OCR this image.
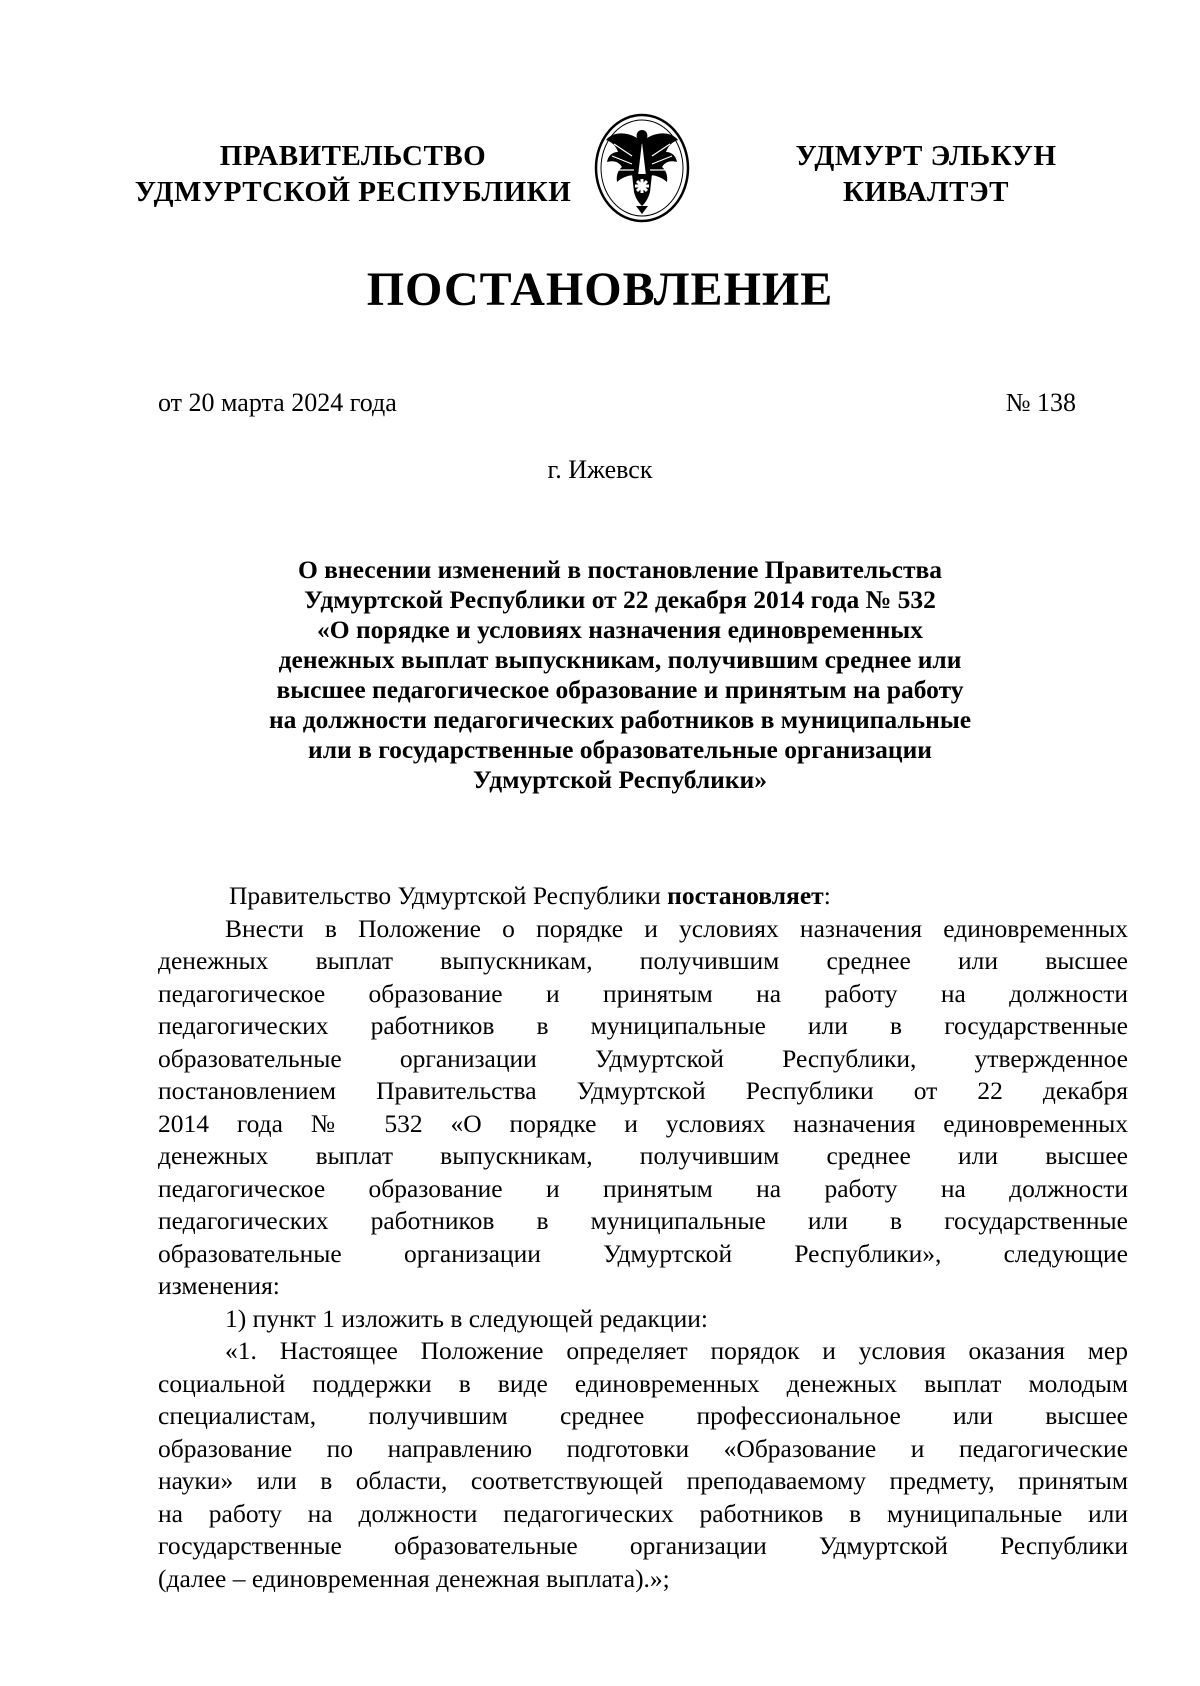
ПРАВИТЕЛЬСТВО
УДМУРТСКОЙ РЕСПУБЛИКИ
УДМУРТ ЭЛЬКУН
КИВАЛТЭТ
ПОСТАНОВЛЕНИЕ
от 20 марта 2024 года	№ 138
г. Ижевск
О внесении изменений в постановление Правительства
Удмуртской Республики от 22 декабря 2014 года № 532
«О порядке и условиях назначения единовременных
денежных выплат выпускникам, получившим среднее или
высшее педагогическое образование и принятым на работу
на должности педагогических работников в муниципальные
или в государственные образовательные организации
Удмуртской Республики»
Правительство Удмуртской Республики постановляет:
Внести в Положение о порядке и условиях назначения единовременных
денежных выплат выпускникам, получившим среднее или высшее
педагогическое образование и принятым на работу на должности
педагогических работников в муниципальные или в государственные
образовательные организации Удмуртской Республики, утвержденное
постановлением Правительства Удмуртской Республики от 22 декабря
2014 года № 532 «О порядке и условиях назначения единовременных
денежных выплат выпускникам, получившим среднее или высшее
педагогическое образование и принятым на работу на должности
педагогических работников в муниципальные или в государственные
образовательные организации Удмуртской Республики», следующие
изменения:
1) пункт 1 изложить в следующей редакции:
«1. Настоящее Положение определяет порядок и условия оказания мер
социальной поддержки в виде единовременных денежных выплат молодым
специалистам, получившим среднее профессиональное или высшее
образование по направлению подготовки «Образование и педагогические
науки» или в области, соответствующей преподаваемому предмету, принятым
на работу на должности педагогических работников в муниципальные или
государственные образовательные организации Удмуртской Республики
(далее – единовременная денежная выплата).»;
